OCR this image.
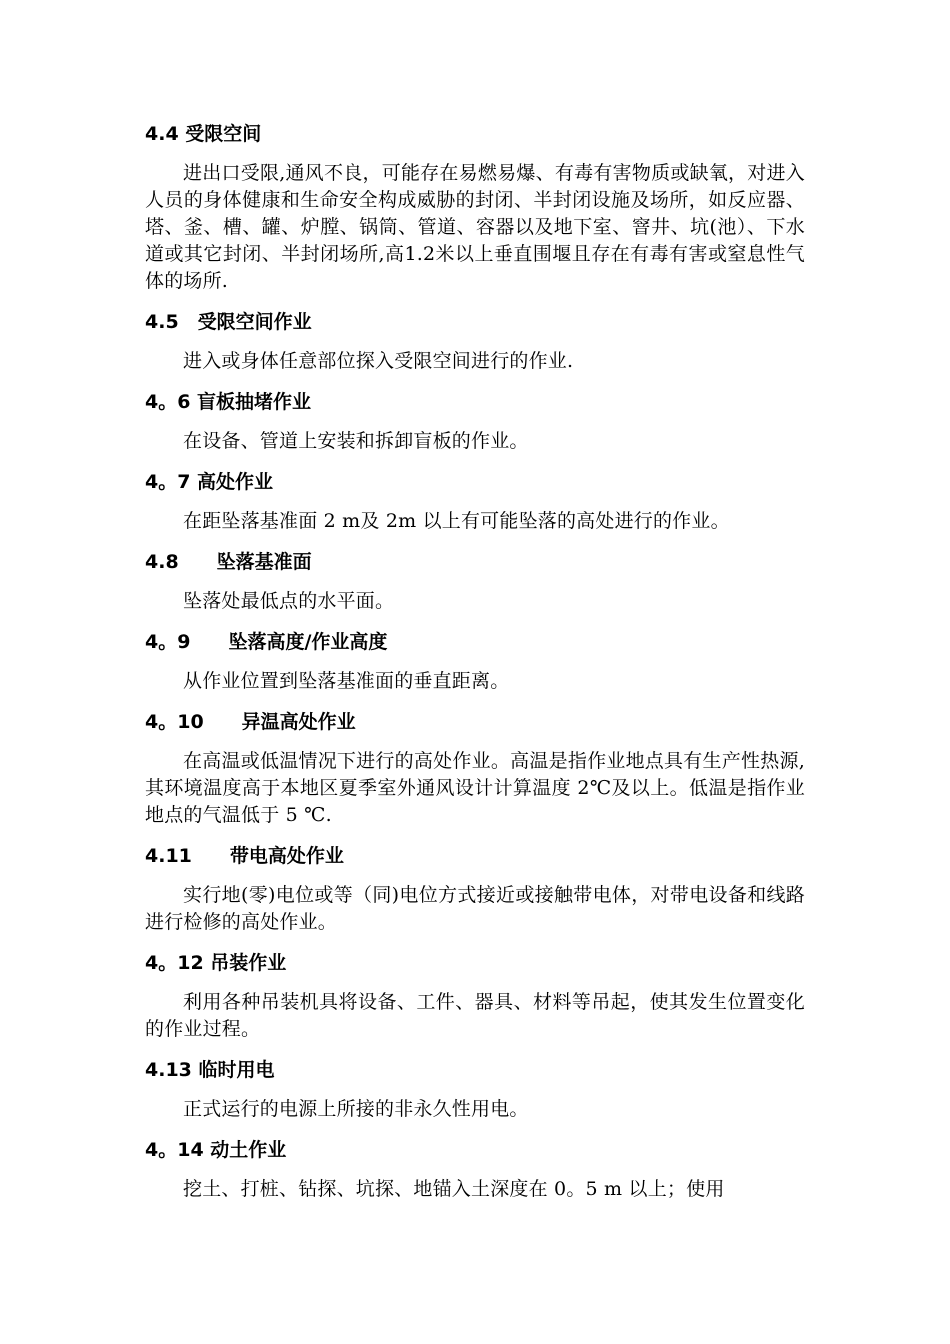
4.4 受限空间
进出口受限,通风不良，可能存在易燃易爆、有毒有害物质或缺氧，对进入人员的身体健康和生命安全构成威胁的封闭、半封闭设施及场所，如反应器、塔、釜、槽、罐、炉膛、锅筒、管道、容器以及地下室、窨井、坑(池）、下水道或其它封闭、半封闭场所,高1.2米以上垂直围堰且存在有毒有害或窒息性气体的场所.
4.5　受限空间作业
进入或身体任意部位探入受限空间进行的作业.
4。6 盲板抽堵作业
在设备、管道上安装和拆卸盲板的作业。
4。7 高处作业
在距坠落基准面 2 m及 2m 以上有可能坠落的高处进行的作业。
4.8　　坠落基准面
坠落处最低点的水平面。
4。9　　坠落高度/作业高度
从作业位置到坠落基准面的垂直距离。
4。10　　异温高处作业
在高温或低温情况下进行的高处作业。高温是指作业地点具有生产性热源,其环境温度高于本地区夏季室外通风设计计算温度 2℃及以上。低温是指作业地点的气温低于 5 ℃.
4.11　　带电高处作业
实行地(零)电位或等（同)电位方式接近或接触带电体，对带电设备和线路进行检修的高处作业。
4。12 吊装作业
利用各种吊装机具将设备、工件、器具、材料等吊起，使其发生位置变化的作业过程。
4.13 临时用电
正式运行的电源上所接的非永久性用电。
4。14 动土作业
挖土、打桩、钻探、坑探、地锚入土深度在 0。5 m 以上；使用
